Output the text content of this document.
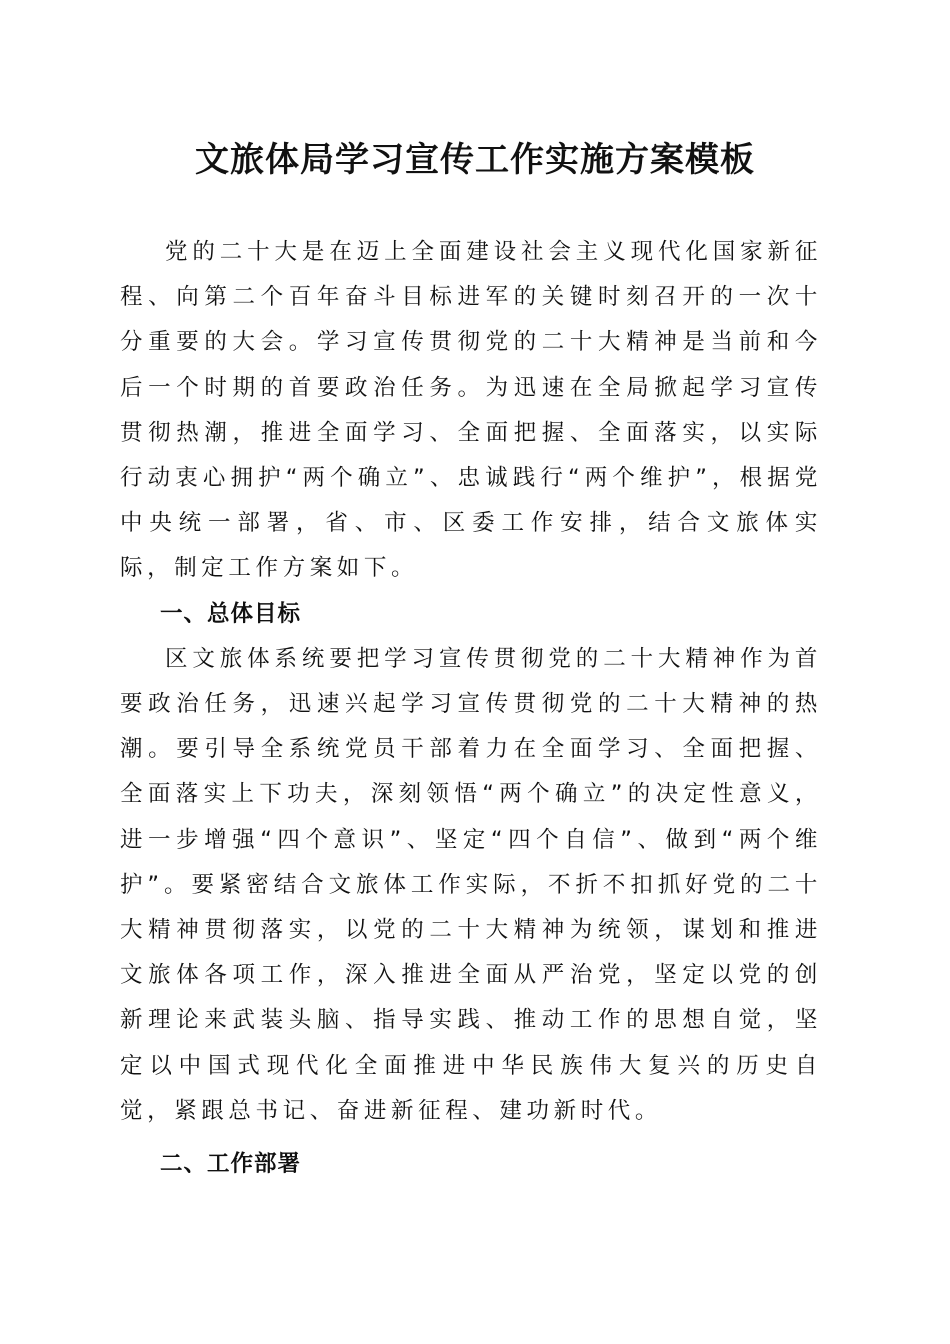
文旅体局学习宣传工作实施方案模板

党的二十大是在迈上全面建设社会主义现代化国家新征程、向第二个百年奋斗目标进军的关键时刻召开的一次十分重要的大会。学习宣传贯彻党的二十大精神是当前和今后一个时期的首要政治任务。为迅速在全局掀起学习宣传贯彻热潮，推进全面学习、全面把握、全面落实，以实际行动衷心拥护“两个确立”、忠诚践行“两个维护”，根据党中央统一部署，省、市、区委工作安排，结合文旅体实际，制定工作方案如下。

一、总体目标

区文旅体系统要把学习宣传贯彻党的二十大精神作为首要政治任务，迅速兴起学习宣传贯彻党的二十大精神的热潮。要引导全系统党员干部着力在全面学习、全面把握、全面落实上下功夫，深刻领悟“两个确立”的决定性意义，进一步增强“四个意识”、坚定“四个自信”、做到“两个维护”。要紧密结合文旅体工作实际，不折不扣抓好党的二十大精神贯彻落实，以党的二十大精神为统领，谋划和推进文旅体各项工作，深入推进全面从严治党，坚定以党的创新理论来武装头脑、指导实践、推动工作的思想自觉，坚定以中国式现代化全面推进中华民族伟大复兴的历史自觉，紧跟总书记、奋进新征程、建功新时代。

二、工作部署
